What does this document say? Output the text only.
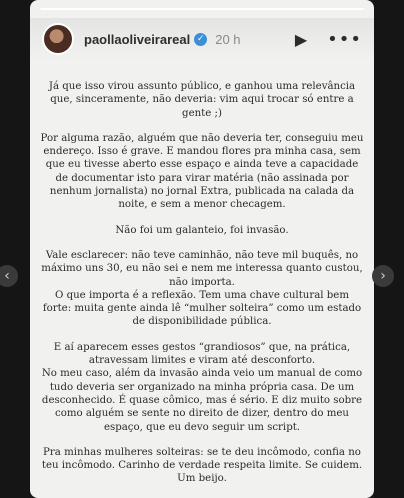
paollaoliveirareal ✓ 20 h	▶ •••

Já que isso virou assunto público, e ganhou uma relevância que, sinceramente, não deveria: vim aqui trocar só entre a gente ;)

Por alguma razão, alguém que não deveria ter, conseguiu meu endereço. Isso é grave. E mandou flores pra minha casa, sem que eu tivesse aberto esse espaço e ainda teve a capacidade de documentar isto para virar matéria (não assinada por nenhum jornalista) no jornal Extra, publicada na calada da noite, e sem a menor checagem.

Não foi um galanteio, foi invasão.

Vale esclarecer: não teve caminhão, não teve mil buquês, no máximo uns 30, eu não sei e nem me interessa quanto custou, não importa.

O que importa é a reflexão. Tem uma chave cultural bem forte: muita gente ainda lê “mulher solteira” como um estado de disponibilidade pública.

E aí aparecem esses gestos “grandiosos” que, na prática, atravessam limites e viram até desconforto.

No meu caso, além da invasão ainda veio um manual de como tudo deveria ser organizado na minha própria casa. De um desconhecido. É quase cômico, mas é sério. E diz muito sobre como alguém se sente no direito de dizer, dentro do meu espaço, que eu devo seguir um script.

Pra minhas mulheres solteiras: se te deu incômodo, confia no teu incômodo. Carinho de verdade respeita limite. Se cuidem. Um beijo.

‹	›
